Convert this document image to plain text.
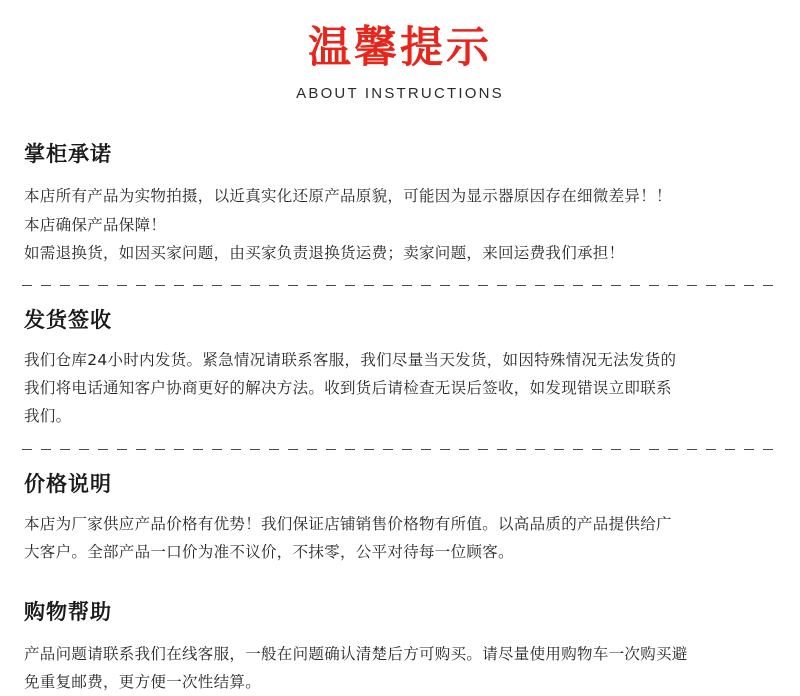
温馨提示
ABOUT INSTRUCTIONS
掌柜承诺

本店所有产品为实物拍摄，以近真实化还原产品原貌，可能因为显示器原因存在细微差异！！

本店确保产品保障！

如需退换货，如因买家问题，由买家负责退换货运费；卖家问题，来回运费我们承担！

发货签收

我们仓库24小时内发货。紧急情况请联系客服，我们尽量当天发货，如因特殊情况无法发货的

我们将电话通知客户协商更好的解决方法。收到货后请检查无误后签收，如发现错误立即联系

我们。

价格说明

本店为厂家供应产品价格有优势！我们保证店铺销售价格物有所值。以高品质的产品提供给广

大客户。全部产品一口价为准不议价，不抹零，公平对待每一位顾客。

购物帮助

产品问题请联系我们在线客服，一般在问题确认清楚后方可购买。请尽量使用购物车一次购买避

免重复邮费，更方便一次性结算。
